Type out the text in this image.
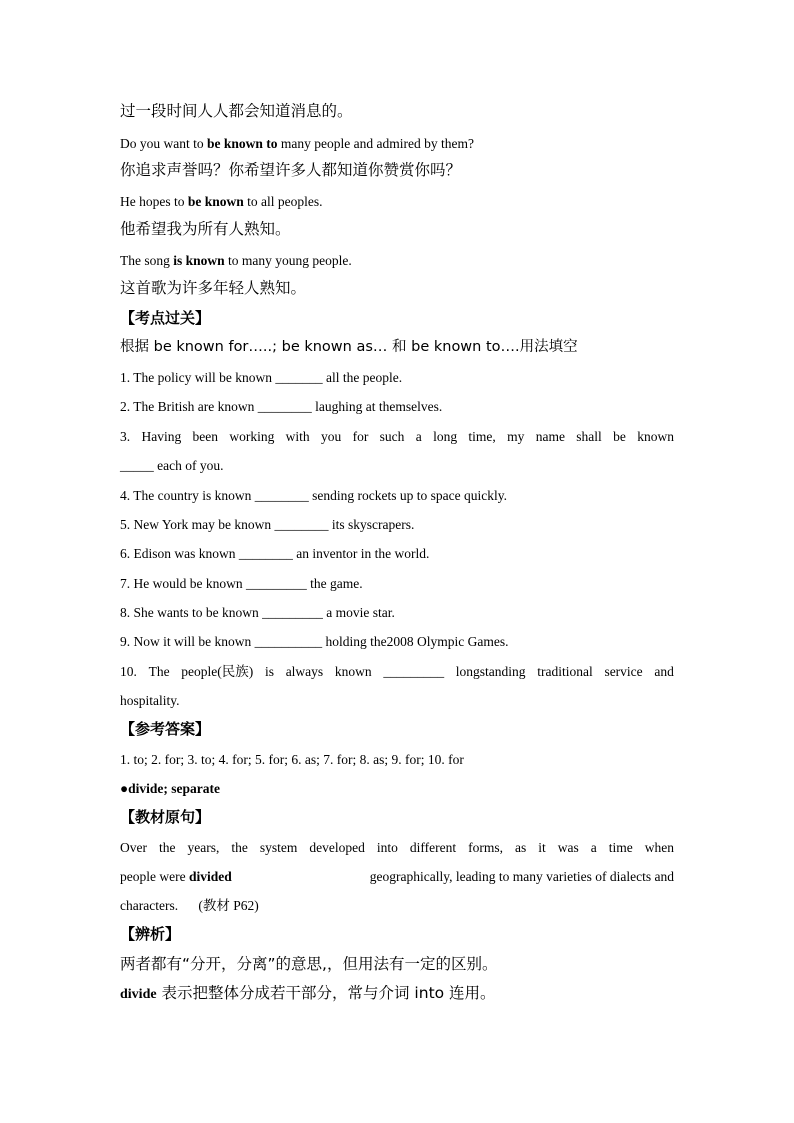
过一段时间人人都会知道消息的。
Do you want to be known to many people and admired by them?
你追求声誉吗？你希望许多人都知道你赞赏你吗？
He hopes to be known to all peoples.
他希望我为所有人熟知。
The song is known to many young people.
这首歌为许多年轻人熟知。
【考点过关】
根据 be known for…..; be known as… 和 be known to….用法填空
1. The policy will be known _______ all the people.
2. The British are known ________ laughing at themselves.
3. Having been working with you for such a long time, my name shall be known
_____ each of you.
4. The country is known ________ sending rockets up to space quickly.
5. New York may be known ________ its skyscrapers.
6. Edison was known ________ an inventor in the world.
7. He would be known _________ the game.
8. She wants to be known _________ a movie star.
9. Now it will be known __________ holding the2008 Olympic Games.
10. The people(民族) is always known _________ longstanding traditional service and
hospitality.
【参考答案】
1. to; 2. for; 3. to; 4. for; 5. for; 6. as; 7. for; 8. as; 9. for; 10. for
●divide; separate
【教材原句】
Over the years, the system developed into different forms, as it was a time when
people were divided	geographically, leading to many varieties of dialects and
characters.      (教材 P62)
【辨析】
两者都有“分开，分离”的意思,，但用法有一定的区别。
divide 表示把整体分成若干部分，常与介词 into 连用。
